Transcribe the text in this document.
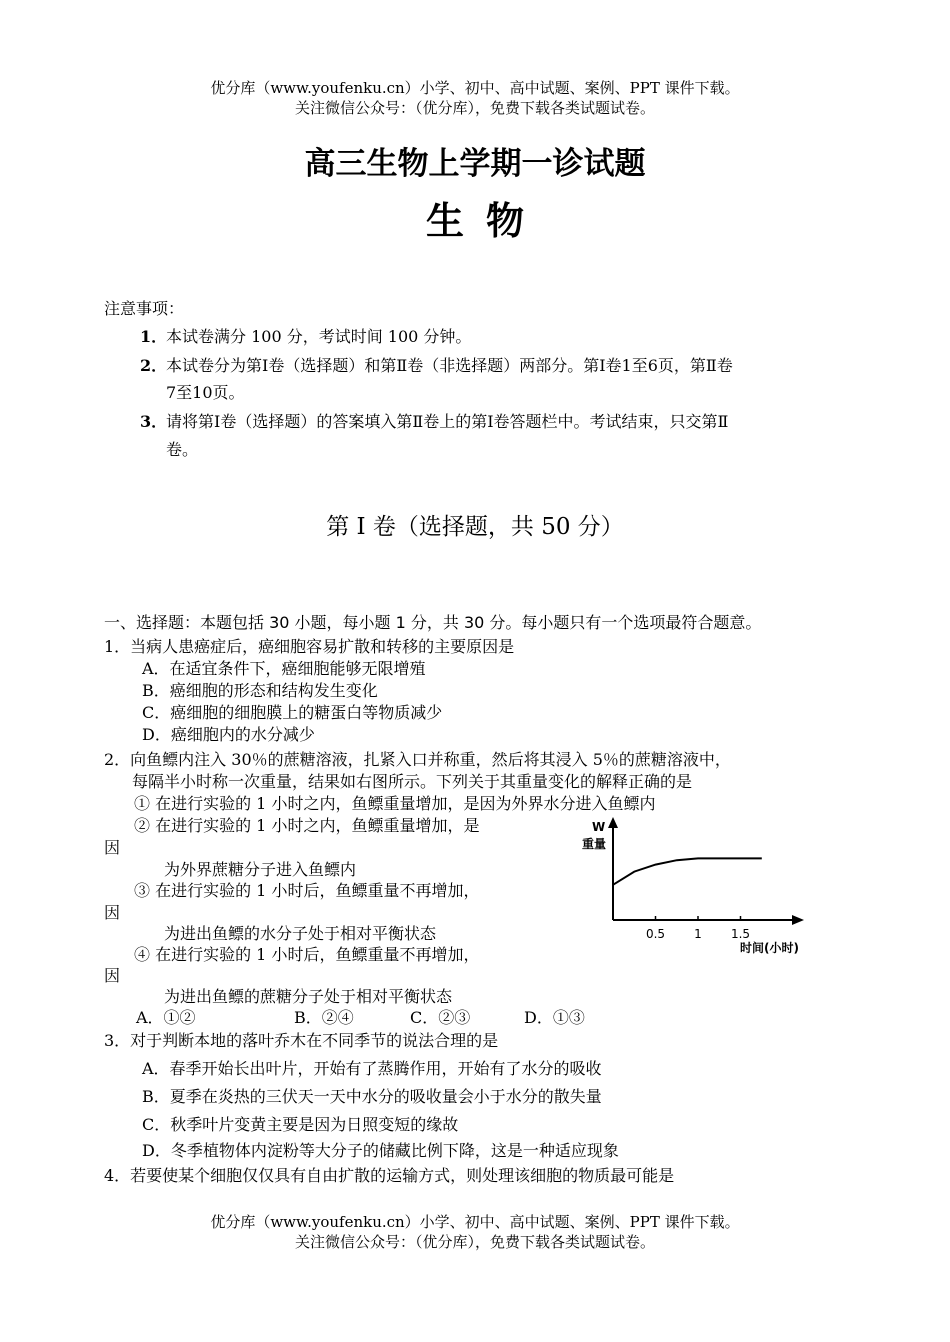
优分库（www.youfenku.cn）小学、初中、高中试题、案例、PPT 课件下载。
关注微信公众号：（优分库），免费下载各类试题试卷。
高三生物上学期一诊试题
生物
注意事项：
1．本试卷满分 100 分，考试时间 100 分钟。
2．本试卷分为第Ⅰ卷（选择题）和第Ⅱ卷（非选择题）两部分。第Ⅰ卷1至6页，第Ⅱ卷
7至10页。
3．请将第Ⅰ卷（选择题）的答案填入第Ⅱ卷上的第Ⅰ卷答题栏中。考试结束，只交第Ⅱ
卷。
第 I 卷（选择题，共 50 分）
一、选择题：本题包括 30 小题，每小题 1 分，共 30 分。每小题只有一个选项最符合题意。
1．当病人患癌症后，癌细胞容易扩散和转移的主要原因是
A．在适宜条件下，癌细胞能够无限增殖
B．癌细胞的形态和结构发生变化
C．癌细胞的细胞膜上的糖蛋白等物质减少
D．癌细胞内的水分减少
2．向鱼鳔内注入 30％的蔗糖溶液，扎紧入口并称重，然后将其浸入 5％的蔗糖溶液中，
每隔半小时称一次重量，结果如右图所示。下列关于其重量变化的解释正确的是
① 在进行实验的 1 小时之内，鱼鳔重量增加，是因为外界水分进入鱼鳔内
② 在进行实验的 1 小时之内，鱼鳔重量增加，是
因
为外界蔗糖分子进入鱼鳔内
③ 在进行实验的 1 小时后，鱼鳔重量不再增加，
因
为进出鱼鳔的水分子处于相对平衡状态
④ 在进行实验的 1 小时后，鱼鳔重量不再增加，
因
为进出鱼鳔的蔗糖分子处于相对平衡状态
A．①②	B．②④	C．②③	D．①③
W
重量
时间(小时)
0.5 1 1.5
3．对于判断本地的落叶乔木在不同季节的说法合理的是
A．春季开始长出叶片，开始有了蒸腾作用，开始有了水分的吸收
B．夏季在炎热的三伏天一天中水分的吸收量会小于水分的散失量
C．秋季叶片变黄主要是因为日照变短的缘故
D．冬季植物体内淀粉等大分子的储藏比例下降，这是一种适应现象
4．若要使某个细胞仅仅具有自由扩散的运输方式，则处理该细胞的物质最可能是
优分库（www.youfenku.cn）小学、初中、高中试题、案例、PPT 课件下载。
关注微信公众号：（优分库），免费下载各类试题试卷。
